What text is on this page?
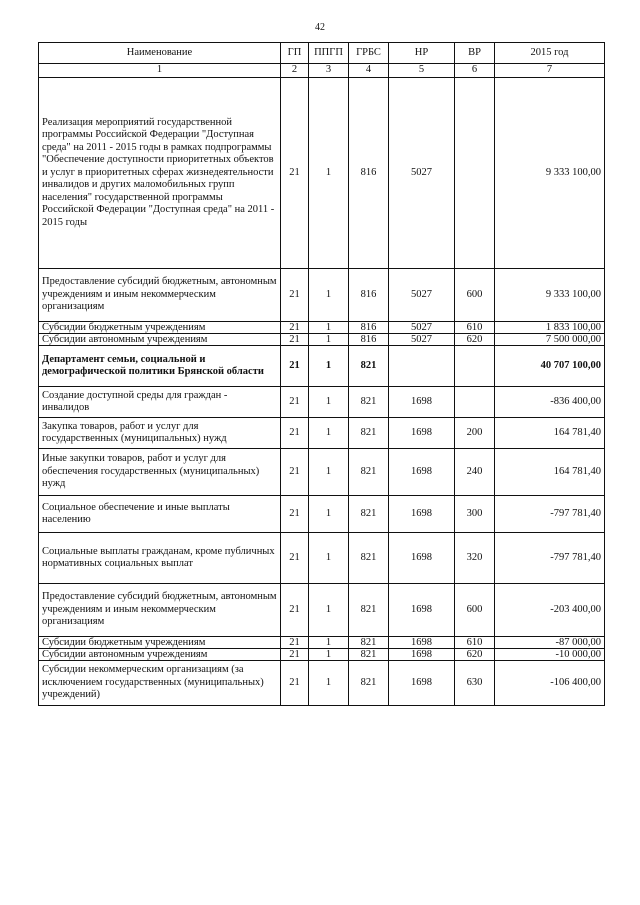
42
Наименование	ГП	ППГП	ГРБС	НР	ВР	2015 год
1	2	3	4	5	6	7
Реализация мероприятий государственной программы Российской Федерации "Доступная среда" на 2011 - 2015 годы в рамках подпрограммы "Обеспечение доступности приоритетных объектов и услуг в приоритетных сферах жизнедеятельности инвалидов и других маломобильных групп населения" государственной программы Российской Федерации "Доступная среда" на 2011 - 2015 годы	21	1	816	5027		9 333 100,00
Предоставление субсидий бюджетным, автономным учреждениям и иным некоммерческим организациям	21	1	816	5027	600	9 333 100,00
Субсидии бюджетным учреждениям	21	1	816	5027	610	1 833 100,00
Субсидии автономным учреждениям	21	1	816	5027	620	7 500 000,00
Департамент семьи, социальной и демографической политики Брянской области	21	1	821			40 707 100,00
Создание доступной среды для граждан - инвалидов	21	1	821	1698		-836 400,00
Закупка товаров, работ и услуг для государственных (муниципальных) нужд	21	1	821	1698	200	164 781,40
Иные закупки товаров, работ и услуг для обеспечения государственных (муниципальных) нужд	21	1	821	1698	240	164 781,40
Социальное обеспечение и иные выплаты населению	21	1	821	1698	300	-797 781,40
Социальные выплаты гражданам, кроме публичных нормативных социальных выплат	21	1	821	1698	320	-797 781,40
Предоставление субсидий бюджетным, автономным учреждениям и иным некоммерческим организациям	21	1	821	1698	600	-203 400,00
Субсидии бюджетным учреждениям	21	1	821	1698	610	-87 000,00
Субсидии автономным учреждениям	21	1	821	1698	620	-10 000,00
Субсидии некоммерческим организациям (за исключением государственных (муниципальных) учреждений)	21	1	821	1698	630	-106 400,00
